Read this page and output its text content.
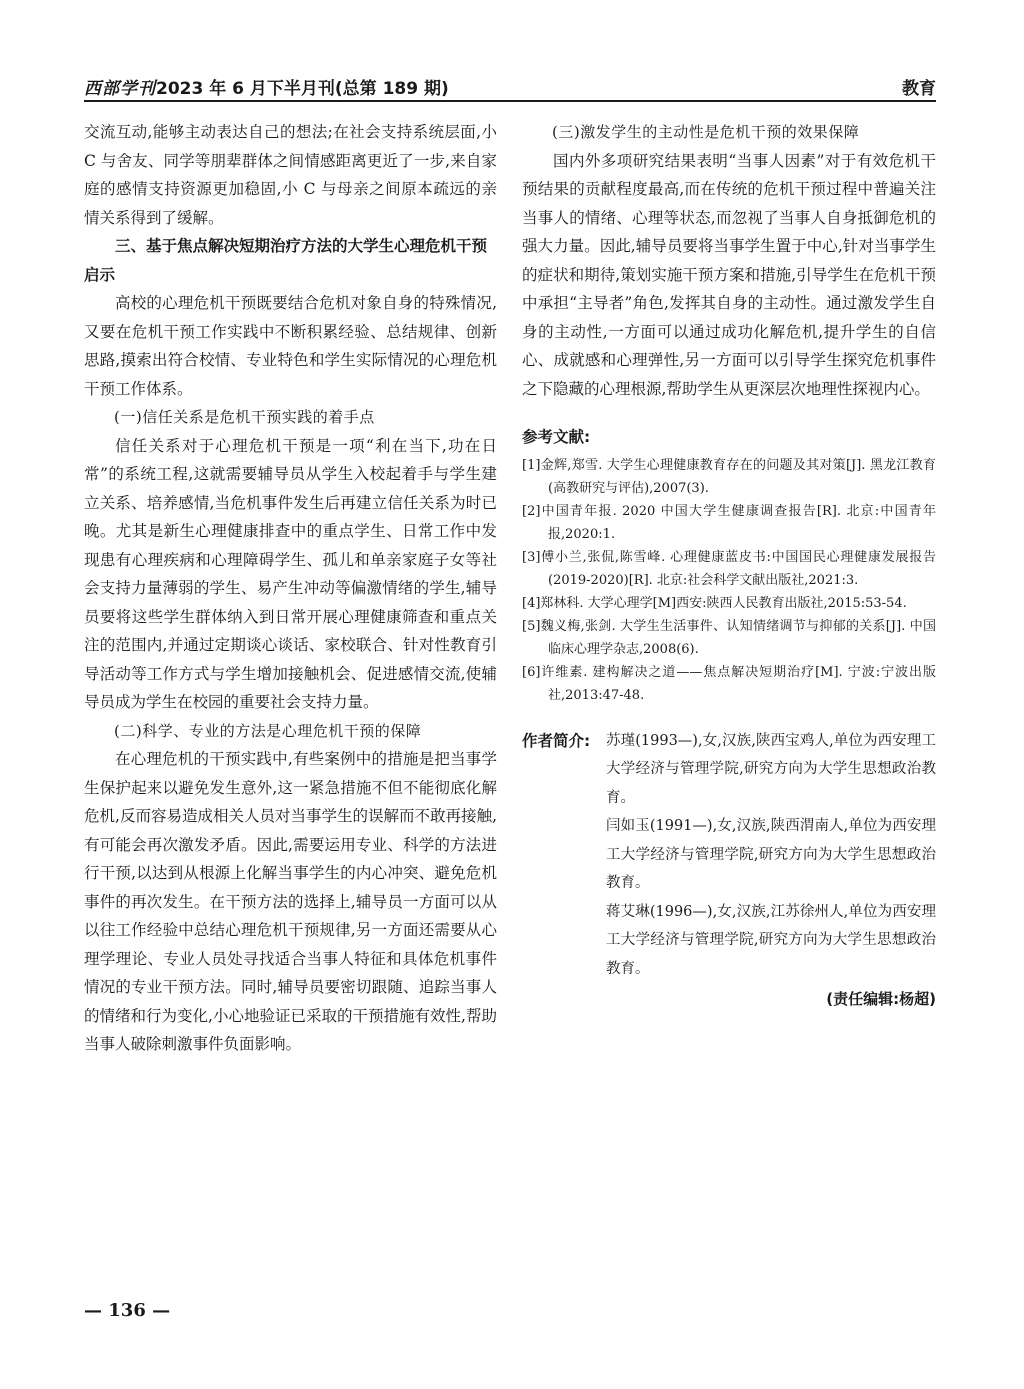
西部学刊2023 年 6 月下半月刊(总第 189 期)	教育

交流互动,能够主动表达自己的想法;在社会支持系统层面,小 C 与舍友、同学等朋辈群体之间情感距离更近了一步,来自家庭的感情支持资源更加稳固,小 C 与母亲之间原本疏远的亲情关系得到了缓解。

三、基于焦点解决短期治疗方法的大学生心理危机干预启示

高校的心理危机干预既要结合危机对象自身的特殊情况,又要在危机干预工作实践中不断积累经验、总结规律、创新思路,摸索出符合校情、专业特色和学生实际情况的心理危机干预工作体系。

(一)信任关系是危机干预实践的着手点

信任关系对于心理危机干预是一项“利在当下,功在日常”的系统工程,这就需要辅导员从学生入校起着手与学生建立关系、培养感情,当危机事件发生后再建立信任关系为时已晚。尤其是新生心理健康排查中的重点学生、日常工作中发现患有心理疾病和心理障碍学生、孤儿和单亲家庭子女等社会支持力量薄弱的学生、易产生冲动等偏激情绪的学生,辅导员要将这些学生群体纳入到日常开展心理健康筛查和重点关注的范围内,并通过定期谈心谈话、家校联合、针对性教育引导活动等工作方式与学生增加接触机会、促进感情交流,使辅导员成为学生在校园的重要社会支持力量。

(二)科学、专业的方法是心理危机干预的保障

在心理危机的干预实践中,有些案例中的措施是把当事学生保护起来以避免发生意外,这一紧急措施不但不能彻底化解危机,反而容易造成相关人员对当事学生的误解而不敢再接触,有可能会再次激发矛盾。因此,需要运用专业、科学的方法进行干预,以达到从根源上化解当事学生的内心冲突、避免危机事件的再次发生。在干预方法的选择上,辅导员一方面可以从以往工作经验中总结心理危机干预规律,另一方面还需要从心理学理论、专业人员处寻找适合当事人特征和具体危机事件情况的专业干预方法。同时,辅导员要密切跟随、追踪当事人的情绪和行为变化,小心地验证已采取的干预措施有效性,帮助当事人破除刺激事件负面影响。

(三)激发学生的主动性是危机干预的效果保障

国内外多项研究结果表明“当事人因素”对于有效危机干预结果的贡献程度最高,而在传统的危机干预过程中普遍关注当事人的情绪、心理等状态,而忽视了当事人自身抵御危机的强大力量。因此,辅导员要将当事学生置于中心,针对当事学生的症状和期待,策划实施干预方案和措施,引导学生在危机干预中承担“主导者”角色,发挥其自身的主动性。通过激发学生自身的主动性,一方面可以通过成功化解危机,提升学生的自信心、成就感和心理弹性,另一方面可以引导学生探究危机事件之下隐藏的心理根源,帮助学生从更深层次地理性探视内心。

参考文献:

[1]金辉,郑雪. 大学生心理健康教育存在的问题及其对策[J]. 黑龙江教育(高教研究与评估),2007(3).

[2]中国青年报. 2020 中国大学生健康调查报告[R]. 北京:中国青年报,2020:1.

[3]傅小兰,张侃,陈雪峰. 心理健康蓝皮书:中国国民心理健康发展报告(2019-2020)[R]. 北京:社会科学文献出版社,2021:3.

[4]郑林科. 大学心理学[M]西安:陕西人民教育出版社,2015:53-54.

[5]魏义梅,张剑. 大学生生活事件、认知情绪调节与抑郁的关系[J]. 中国临床心理学杂志,2008(6).

[6]许维素. 建构解决之道——焦点解决短期治疗[M]. 宁波:宁波出版社,2013:47-48.

作者简介: 苏瑾(1993—),女,汉族,陕西宝鸡人,单位为西安理工大学经济与管理学院,研究方向为大学生思想政治教育。

闫如玉(1991—),女,汉族,陕西渭南人,单位为西安理工大学经济与管理学院,研究方向为大学生思想政治教育。

蒋艾琳(1996—),女,汉族,江苏徐州人,单位为西安理工大学经济与管理学院,研究方向为大学生思想政治教育。

(责任编辑:杨超)
— 136 —
